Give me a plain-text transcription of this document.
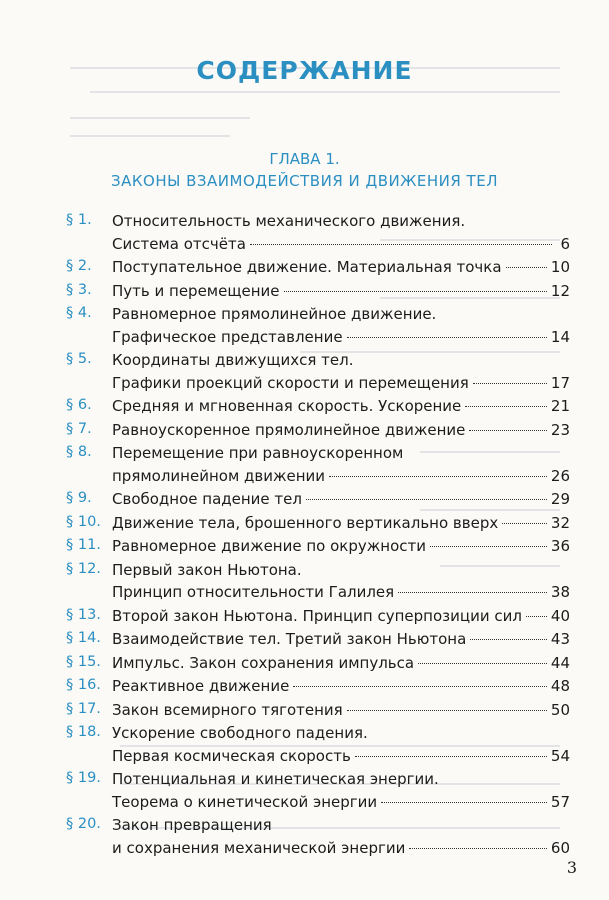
СОДЕРЖАНИЕ
ГЛАВА 1.
ЗАКОНЫ ВЗАИМОДЕЙСТВИЯ И ДВИЖЕНИЯ ТЕЛ
§ 1. Относительность механического движения.
Система отсчёта	6
§ 2. Поступательное движение. Материальная точка	10
§ 3. Путь и перемещение	12
§ 4. Равномерное прямолинейное движение.
Графическое представление	14
§ 5. Координаты движущихся тел.
Графики проекций скорости и перемещения	17
§ 6. Средняя и мгновенная скорость. Ускорение	21
§ 7. Равноускоренное прямолинейное движение	23
§ 8. Перемещение при равноускоренном
прямолинейном движении	26
§ 9. Свободное падение тел	29
§ 10. Движение тела, брошенного вертикально вверх	32
§ 11. Равномерное движение по окружности	36
§ 12. Первый закон Ньютона.
Принцип относительности Галилея	38
§ 13. Второй закон Ньютона. Принцип суперпозиции сил 40
§ 14. Взаимодействие тел. Третий закон Ньютона	43
§ 15. Импульс. Закон сохранения импульса	44
§ 16. Реактивное движение	48
§ 17. Закон всемирного тяготения	50
§ 18. Ускорение свободного падения.
Первая космическая скорость	54
§ 19. Потенциальная и кинетическая энергии.
Теорема о кинетической энергии	57
§ 20. Закон превращения
и сохранения механической энергии	60
3
